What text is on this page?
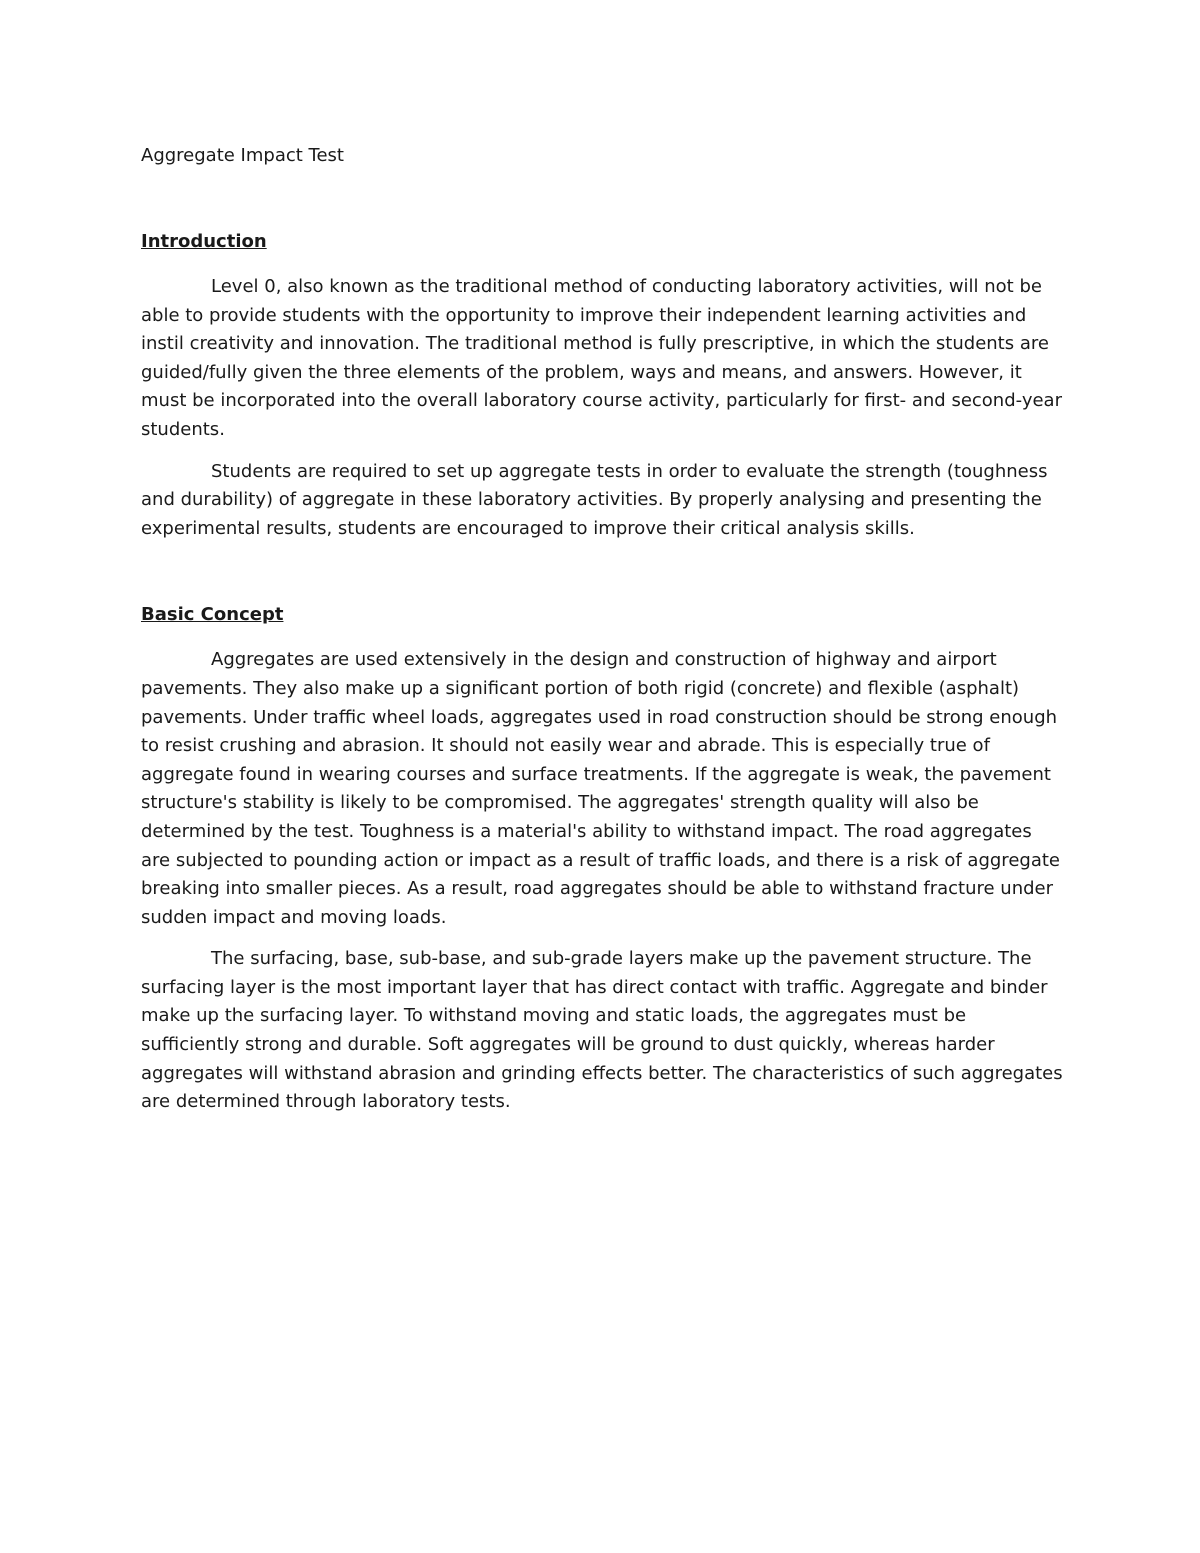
Aggregate Impact Test

Introduction

Level 0, also known as the traditional method of conducting laboratory activities, will not be able to provide students with the opportunity to improve their independent learning activities and instil creativity and innovation. The traditional method is fully prescriptive, in which the students are guided/fully given the three elements of the problem, ways and means, and answers. However, it must be incorporated into the overall laboratory course activity, particularly for first- and second-year students.

Students are required to set up aggregate tests in order to evaluate the strength (toughness and durability) of aggregate in these laboratory activities. By properly analysing and presenting the experimental results, students are encouraged to improve their critical analysis skills.

Basic Concept

Aggregates are used extensively in the design and construction of highway and airport pavements. They also make up a significant portion of both rigid (concrete) and flexible (asphalt) pavements. Under traffic wheel loads, aggregates used in road construction should be strong enough to resist crushing and abrasion. It should not easily wear and abrade. This is especially true of aggregate found in wearing courses and surface treatments. If the aggregate is weak, the pavement structure's stability is likely to be compromised. The aggregates' strength quality will also be determined by the test. Toughness is a material's ability to withstand impact. The road aggregates are subjected to pounding action or impact as a result of traffic loads, and there is a risk of aggregate breaking into smaller pieces. As a result, road aggregates should be able to withstand fracture under sudden impact and moving loads.

The surfacing, base, sub-base, and sub-grade layers make up the pavement structure. The surfacing layer is the most important layer that has direct contact with traffic. Aggregate and binder make up the surfacing layer. To withstand moving and static loads, the aggregates must be sufficiently strong and durable. Soft aggregates will be ground to dust quickly, whereas harder aggregates will withstand abrasion and grinding effects better. The characteristics of such aggregates are determined through laboratory tests.
